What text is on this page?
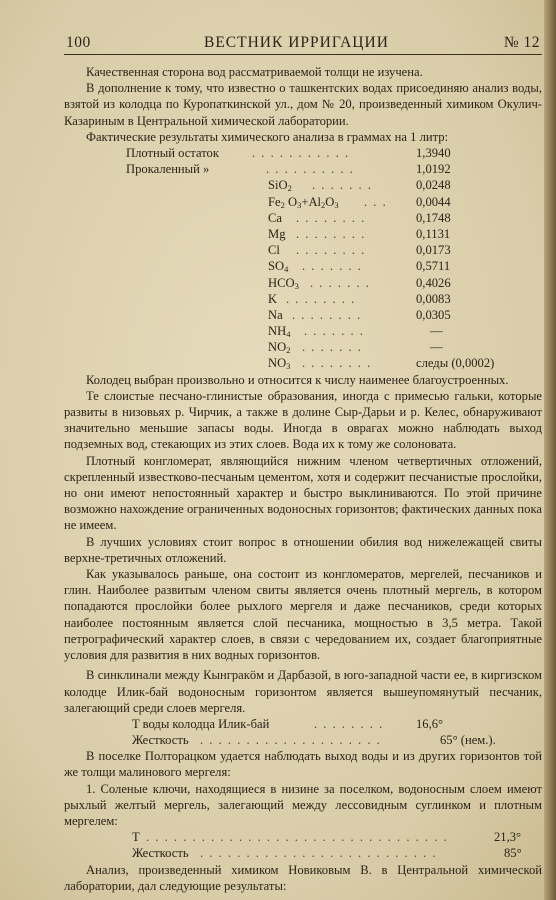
100	ВЕСТНИК ИРРИГАЦИИ	№ 12

Качественная сторона вод рассматриваемой толщи не изучена.

В дополнение к тому, что известно о ташкентских водах присоединяю анализ воды, взятой из колодца по Куропаткинской ул., дом № 20, произведенный химиком Окулич-Казариным в Центральной химической лаборатории.

Фактические результаты химического анализа в граммах на 1 литр:

Плотный остаток	. . . . . . . . . . .	1,3940
Прокаленный »	. . . . . . . . . .	1,0192
SiO$_2$ . . . . . . .	0,0248
$Fe_2$ $O_3+Al_2O_3$ . . . 0,0044
Ca . . . . . . . .	0,1748
Mg . . . . . . . .	0,1131
Cl . . . . . . . .	0,0173
$SO_4$ . . . . . . .	0,5711
$HCO_3$ . . . . . . .	0,4026
K . . . . . . . .	0,0083
Na . . . . . . . .	0,0305
$NH_4$ . . . . . . .	—
$NO_2$ . . . . . . .	—
$NO_3$ . . . . . . . .	следы (0,0002)

Колодец выбран произвольно и относится к числу наименее благоустроенных.

Те слоистые песчано-глинистые образования, иногда с примесью гальки, которые развиты в низовьях р. Чирчик, а также в долине Сыр-Дарьи и р. Келес, обнаруживают значительно меньшие запасы воды. Иногда в оврагах можно наблюдать выход подземных вод, стекающих из этих слоев. Вода их к тому же солоновата.

Плотный конгломерат, являющийся нижним членом четвертичных отложений, скрепленный известково-песчаным цементом, хотя и содержит песчанистые прослойки, но они имеют непостоянный характер и быстро выклиниваются. По этой причине возможно нахождение ограниченных водоносных горизонтов; фактических данных пока не имеем.

В лучших условиях стоит вопрос в отношении обилия вод нижележащей свиты верхне-третичных отложений.

Как указывалось раньше, она состоит из конгломератов, мергелей, песчаников и глин. Наиболее развитым членом свиты является очень плотный мергель, в котором попадаются прослойки более рыхлого мергеля и даже песчаников, среди которых наиболее постоянным является слой песчаника, мощностью в 3,5 метра. Такой петрографический характер слоев, в связи с чередованием их, создает благоприятные условия для развития в них водных горизонтов.

В синклинали между Кынгракöм и Дарбазой, в юго-западной части ее, в киргизском колодце Илик-бай водоносным горизонтом является вышеупомянутый песчаник, залегающий среди слоев мергеля.

T воды колодца Илик-бай	. . . . . . . .	16,6°
Жесткость . . . . . . . . . . . . . . . . . . . .	65° (нем.).

В поселке Полторацком удается наблюдать выход воды и из других горизонтов той же толщи малинового мергеля:

1. Соленые ключи, находящиеся в низине за поселком, водоносным слоем имеют рыхлый желтый мергель, залегающий между лессовидным суглинком и плотным мергелем:

T . . . . . . . . . . . . . . . . . . . . . . . . . . . . . . . . .	21,3°
Жесткость . . . . . . . . . . . . . . . . . . . . . . . . . .	85°

Анализ, произведенный химиком Новиковым В. в Центральной химической лаборатории, дал следующие результаты:
